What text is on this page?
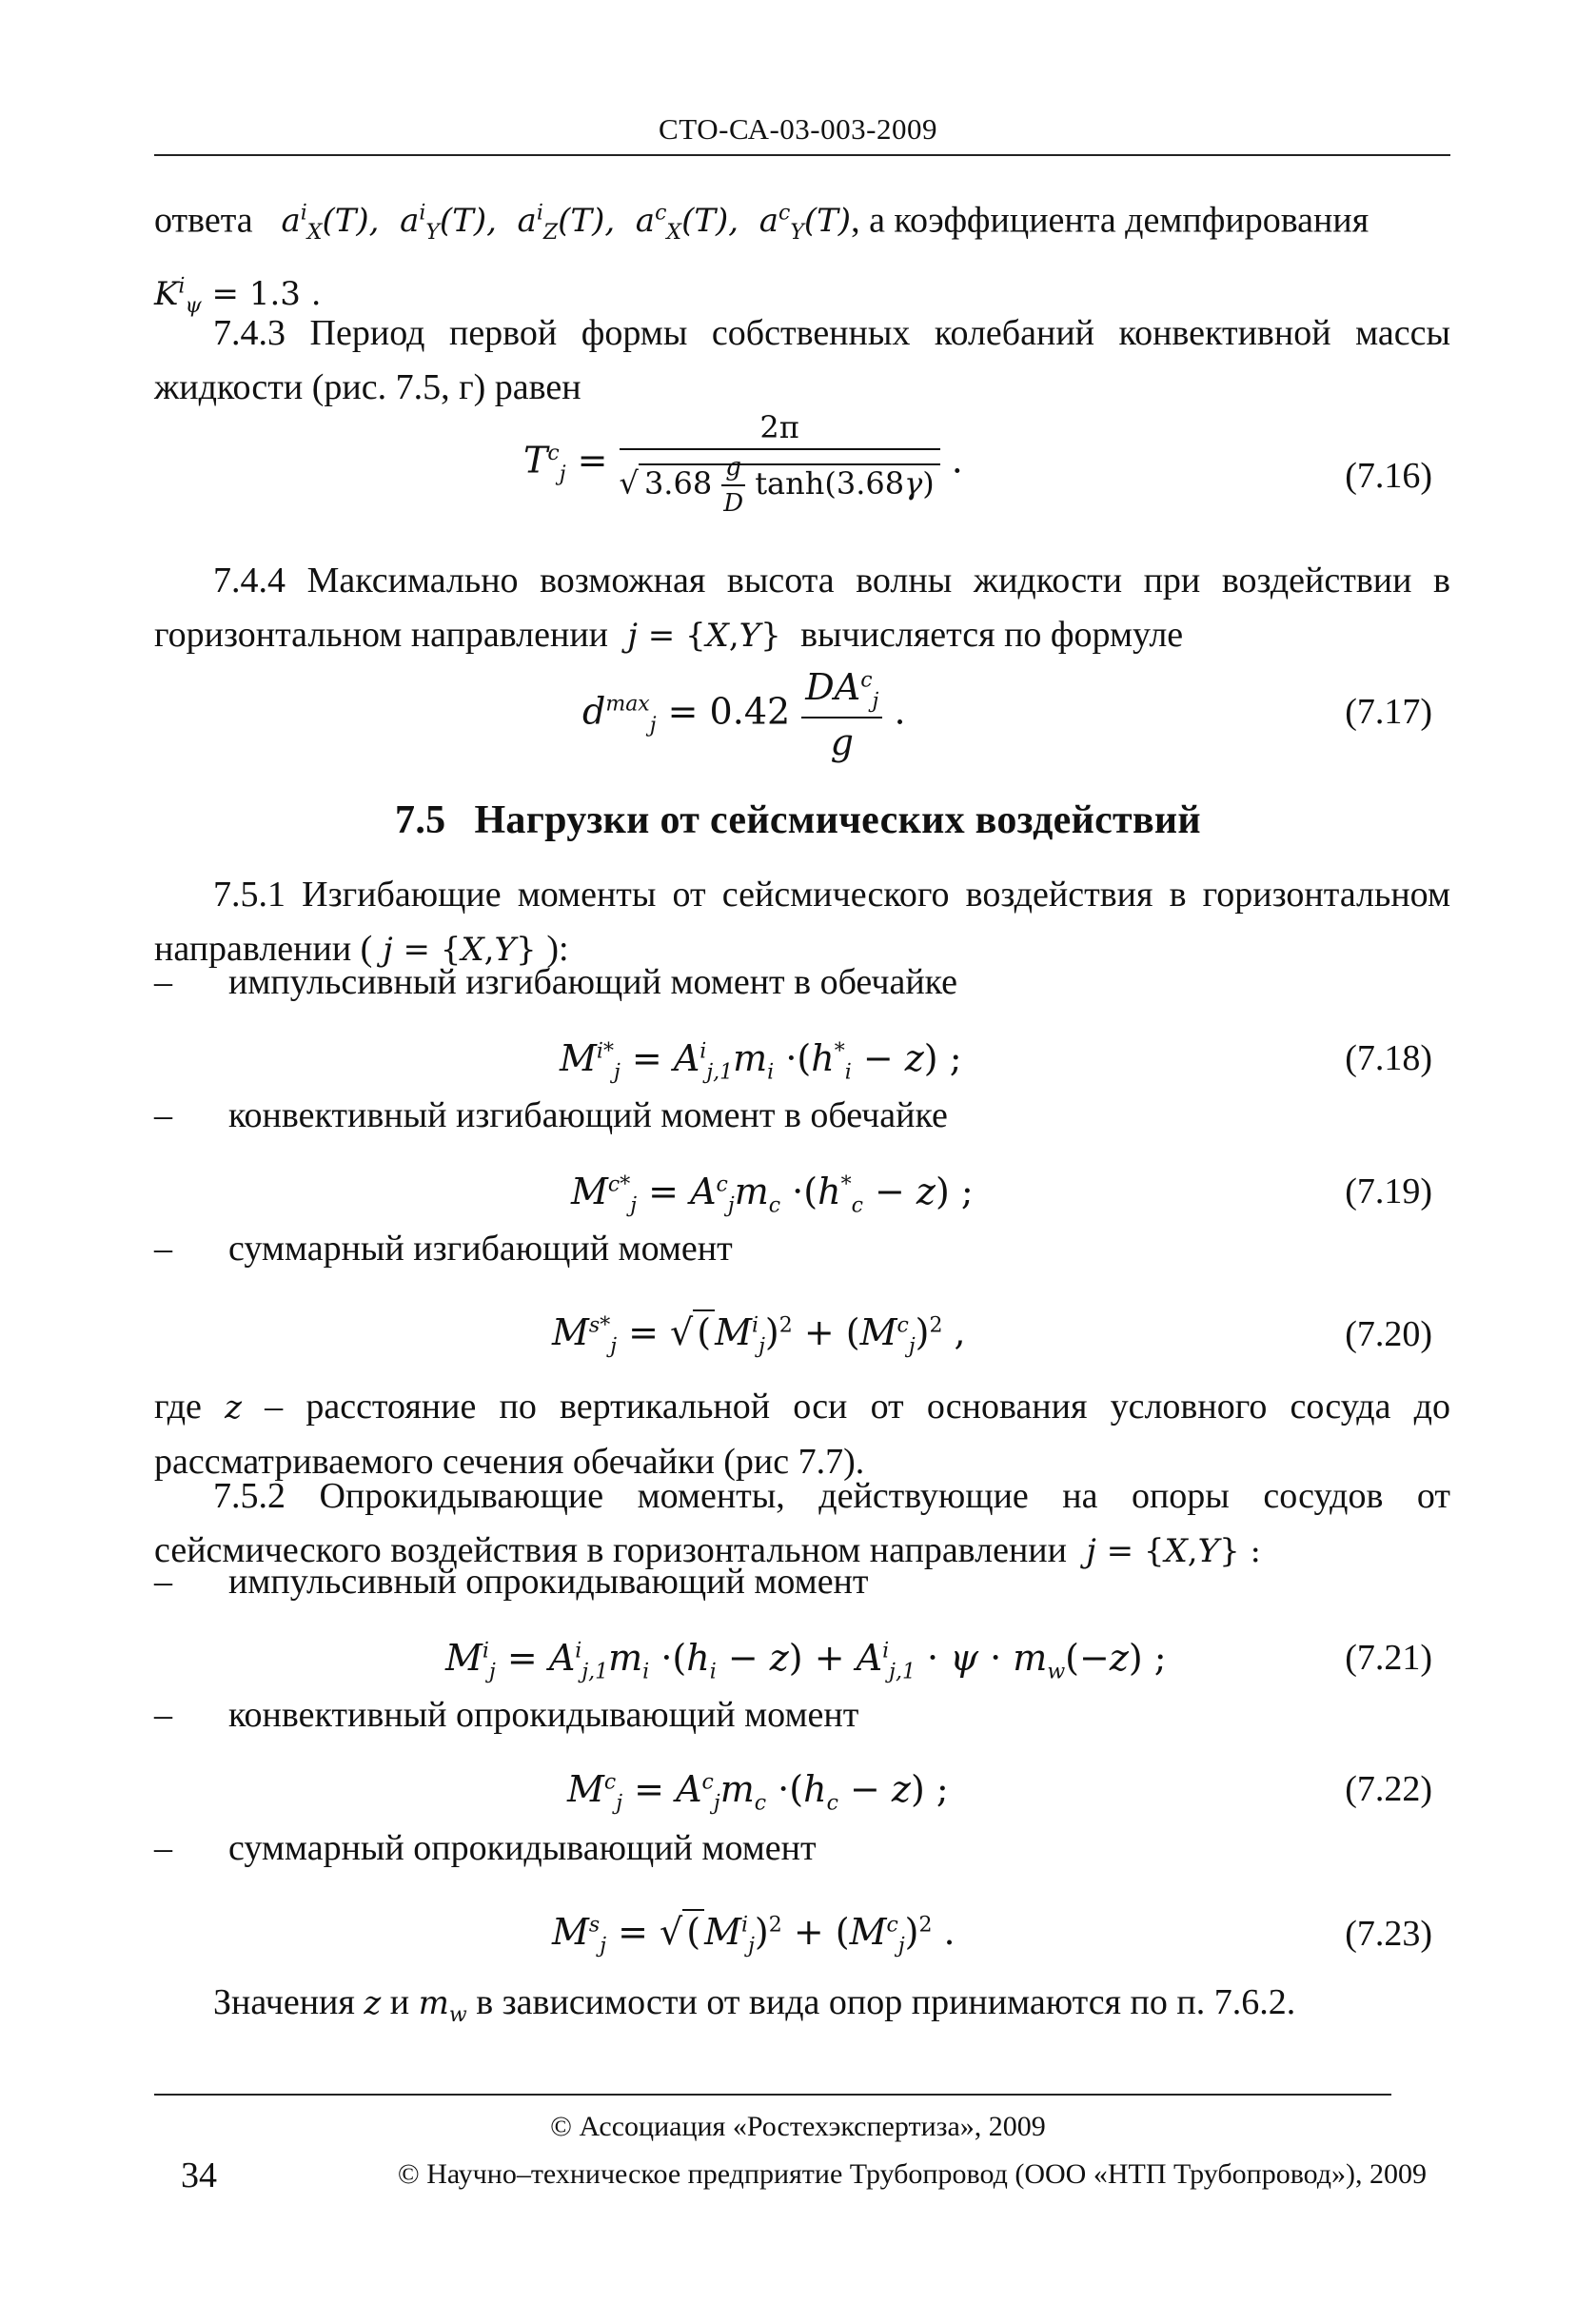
СТО-СА-03-003-2009
ответа   $a^i_X(T)$,  $a^i_Y(T)$,  $a^i_Z(T)$,  $a^c_X(T)$,  $a^c_Y(T)$, а коэффициента демпфирования
$K^i_\psi = 1.3$ .
7.4.3 Период первой формы собственных колебаний конвективной массы жидкости (рис. 7.5, г) равен
$T^c_j = \frac{2\pi}{√ 3.68 \frac{g}{D} \tanh(3.68\gamma)}$ .	(7.16)
7.4.4 Максимально возможная высота волны жидкости при воздействии в горизонтальном направлении  j = {X,Y} вычисляется по формуле
$d^{max}_j = 0.42 \frac{DA^c_j}{g}$ .	(7.17)
7.5 Нагрузки от сейсмических воздействий
7.5.1 Изгибающие моменты от сейсмического воздействия в горизонтальном направлении ( j = {X,Y} ):
– импульсивный изгибающий момент в обечайке
$M^{i*}_j = A^i_{j,1}m_i \cdot(h^*_i - z)$ ;	(7.18)
– конвективный изгибающий момент в обечайке
$M^{c*}_j = A^c_jm_c \cdot(h^*_c - z)$ ;	(7.19)
– суммарный изгибающий момент
$M^{s*}_j$ = √ ( $M^i_j)^2 + (M^c_j)^2$ ,	(7.20)
где z – расстояние по вертикальной оси от основания условного сосуда до рассматриваемого сечения обечайки (рис 7.7).
7.5.2 Опрокидывающие моменты, действующие на опоры сосудов от сейсмического воздействия в горизонтальном направлении  j = {X,Y} :
– импульсивный опрокидывающий момент
$M^i_j = A^i_{j,1}m_i \cdot(h_i - z) + A^i_{j,1} \cdot \psi \cdot m_w(-z)$ ;	(7.21)
– конвективный опрокидывающий момент
$M^c_j = A^c_jm_c \cdot(h_c - z)$ ;	(7.22)
– суммарный опрокидывающий момент
$M^s_j$ = √ ( $M^i_j)^2 + (M^c_j)^2$ .	(7.23)
Значения z и $m_w$ в зависимости от вида опор принимаются по п. 7.6.2.
© Ассоциация «Ростехэкспертиза», 2009
34	© Научно–техническое предприятие Трубопровод (ООО «НТП Трубопровод»), 2009
